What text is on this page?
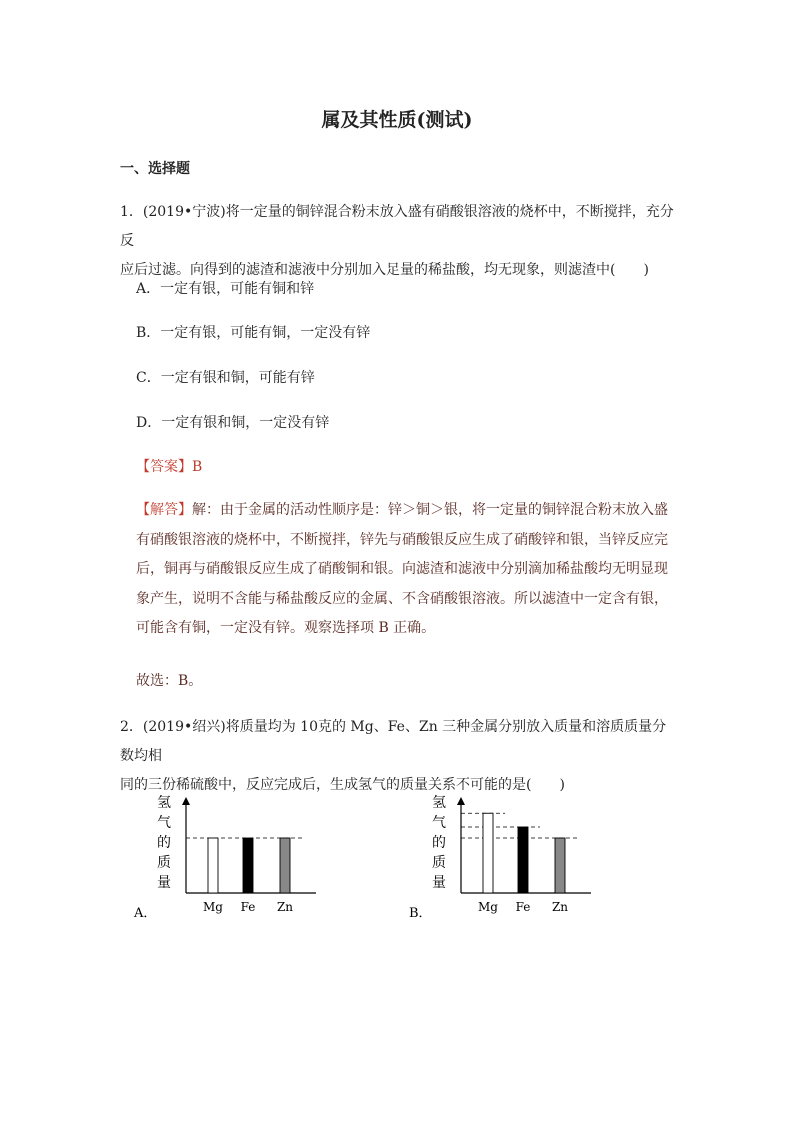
属及其性质(测试)
一、选择题
1．(2019•宁波)将一定量的铜锌混合粉末放入盛有硝酸银溶液的烧杯中，不断搅拌，充分反
应后过滤。向得到的滤渣和滤液中分别加入足量的稀盐酸，均无现象，则滤渣中(　　)
A．一定有银，可能有铜和锌
B．一定有银，可能有铜，一定没有锌
C．一定有银和铜，可能有锌
D．一定有银和铜，一定没有锌
【答案】B
【解答】解：由于金属的活动性顺序是：锌＞铜＞银，将一定量的铜锌混合粉末放入盛
有硝酸银溶液的烧杯中，不断搅拌，锌先与硝酸银反应生成了硝酸锌和银，当锌反应完
后，铜再与硝酸银反应生成了硝酸铜和银。向滤渣和滤液中分别滴加稀盐酸均无明显现
象产生，说明不含能与稀盐酸反应的金属、不含硝酸银溶液。所以滤渣中一定含有银，
可能含有铜，一定没有锌。观察选择项 B 正确。
故选：B。
2．(2019•绍兴)将质量均为 10克的 Mg、Fe、Zn 三种金属分别放入质量和溶质质量分数均相
同的三份稀硫酸中，反应完成后，生成氢气的质量关系不可能的是(　　)
氢
气
的
质
量
A．	Mg Fe Zn
氢
气
的
质
量
B．	Mg Fe Zn
